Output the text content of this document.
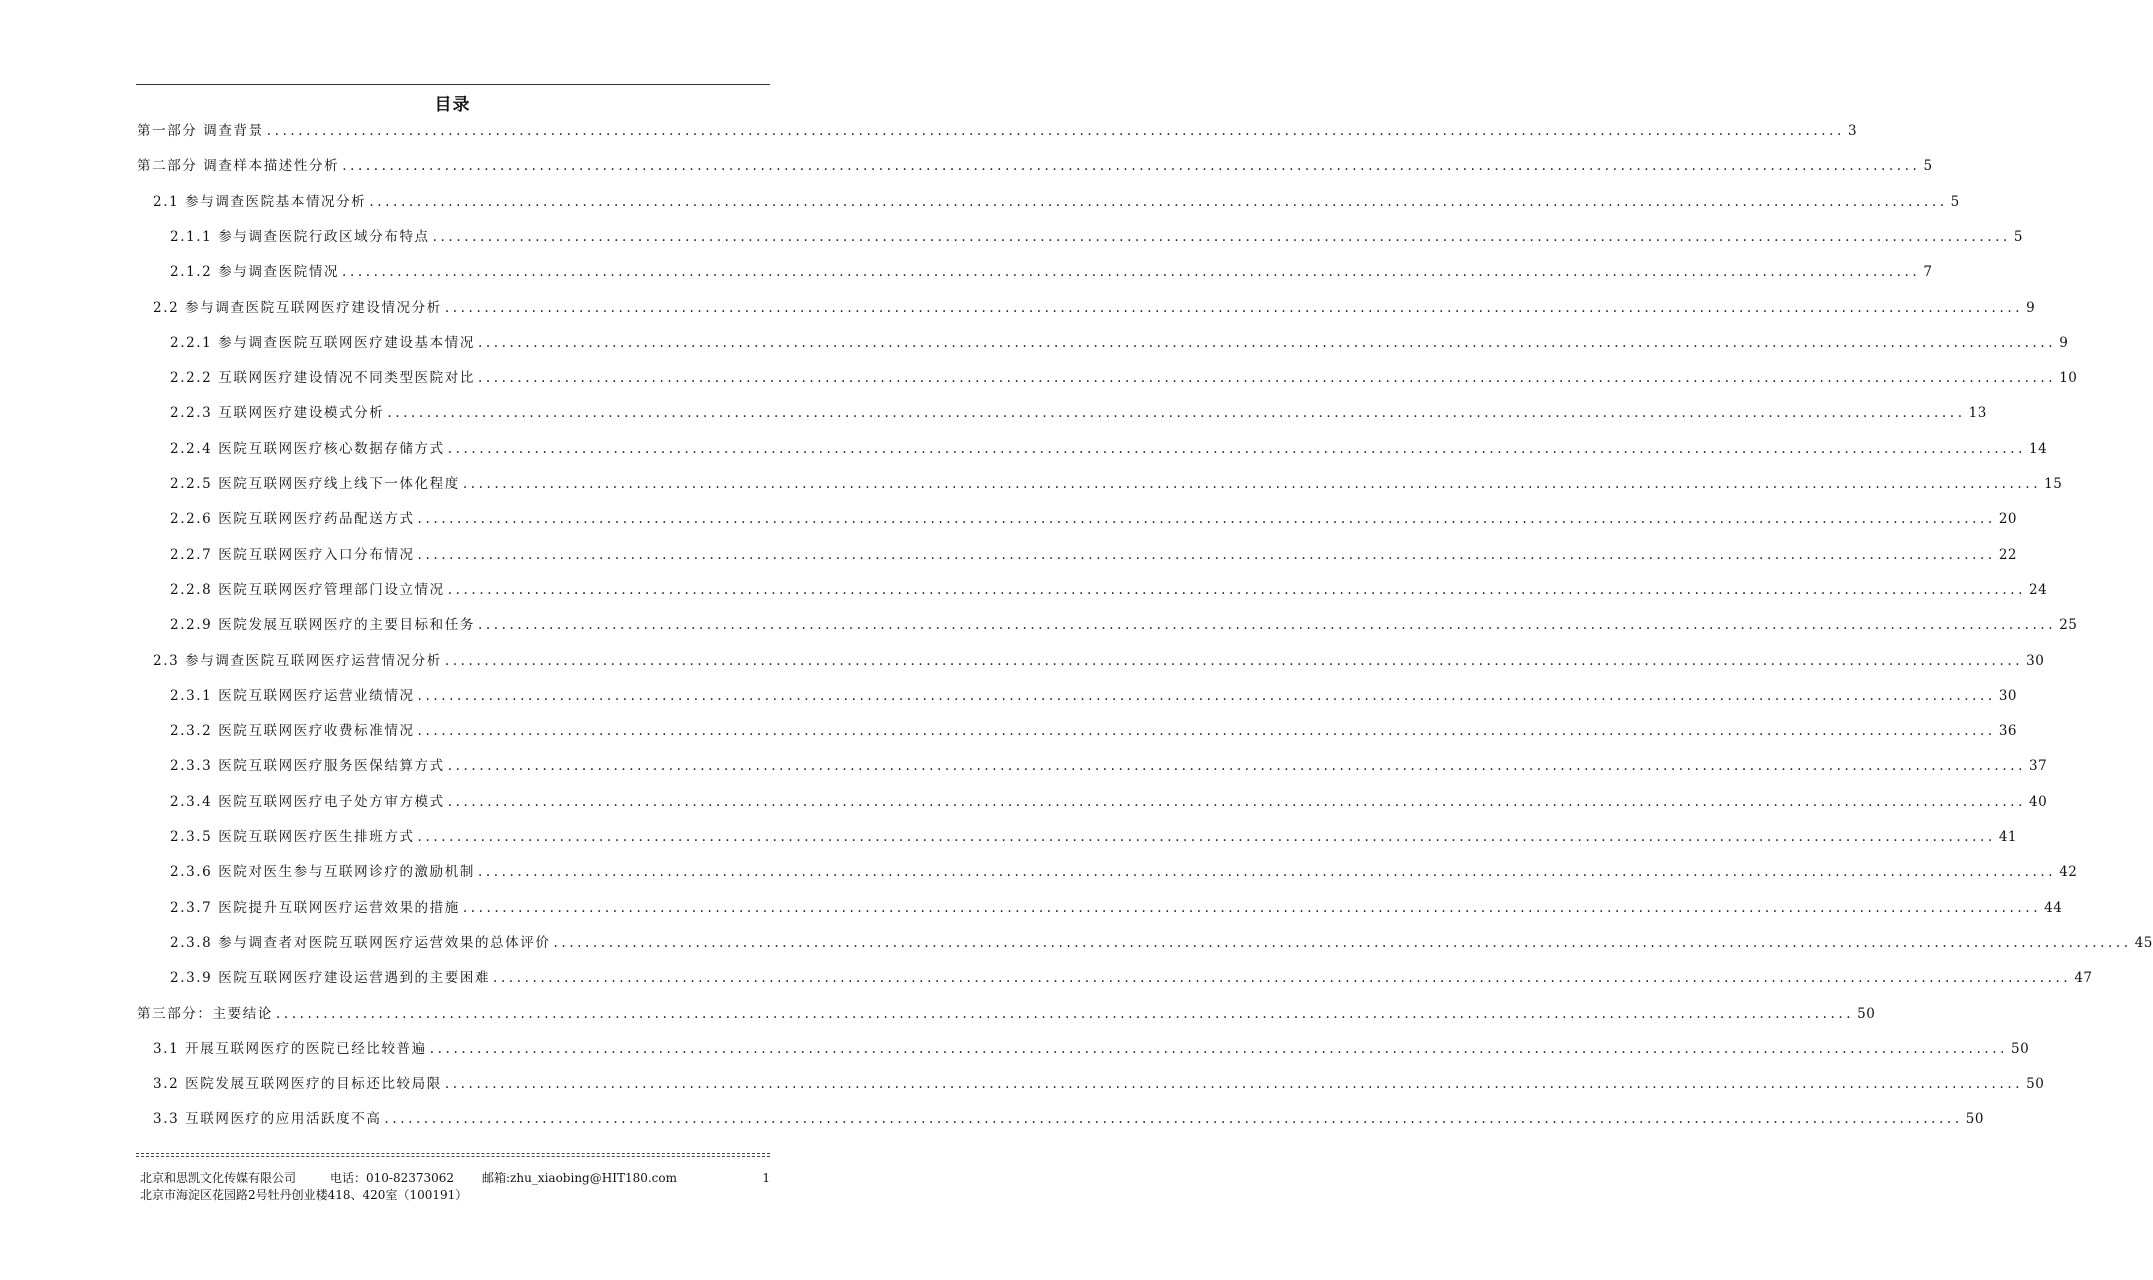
目录
第一部分 调查背景 ........................................................................................................................................................................................................ 3
第二部分 调查样本描述性分析 ........................................................................................................................................................................................................ 5
2.1 参与调查医院基本情况分析 ........................................................................................................................................................................................................ 5
2.1.1 参与调查医院行政区域分布特点 ........................................................................................................................................................................................................ 5
2.1.2 参与调查医院情况 ........................................................................................................................................................................................................ 7
2.2 参与调查医院互联网医疗建设情况分析 ........................................................................................................................................................................................................ 9
2.2.1 参与调查医院互联网医疗建设基本情况 ........................................................................................................................................................................................................ 9
2.2.2 互联网医疗建设情况不同类型医院对比 ........................................................................................................................................................................................................ 10
2.2.3 互联网医疗建设模式分析 ........................................................................................................................................................................................................ 13
2.2.4 医院互联网医疗核心数据存储方式 ........................................................................................................................................................................................................ 14
2.2.5 医院互联网医疗线上线下一体化程度 ........................................................................................................................................................................................................ 15
2.2.6 医院互联网医疗药品配送方式 ........................................................................................................................................................................................................ 20
2.2.7 医院互联网医疗入口分布情况 ........................................................................................................................................................................................................ 22
2.2.8 医院互联网医疗管理部门设立情况 ........................................................................................................................................................................................................ 24
2.2.9 医院发展互联网医疗的主要目标和任务 ........................................................................................................................................................................................................ 25
2.3 参与调查医院互联网医疗运营情况分析 ........................................................................................................................................................................................................ 30
2.3.1 医院互联网医疗运营业绩情况 ........................................................................................................................................................................................................ 30
2.3.2 医院互联网医疗收费标准情况 ........................................................................................................................................................................................................ 36
2.3.3 医院互联网医疗服务医保结算方式 ........................................................................................................................................................................................................ 37
2.3.4 医院互联网医疗电子处方审方模式 ........................................................................................................................................................................................................ 40
2.3.5 医院互联网医疗医生排班方式 ........................................................................................................................................................................................................ 41
2.3.6 医院对医生参与互联网诊疗的激励机制 ........................................................................................................................................................................................................ 42
2.3.7 医院提升互联网医疗运营效果的措施 ........................................................................................................................................................................................................ 44
2.3.8 参与调查者对医院互联网医疗运营效果的总体评价 ........................................................................................................................................................................................................ 45
2.3.9 医院互联网医疗建设运营遇到的主要困难 ........................................................................................................................................................................................................ 47
第三部分：主要结论 ........................................................................................................................................................................................................ 50
3.1 开展互联网医疗的医院已经比较普遍 ........................................................................................................................................................................................................ 50
3.2 医院发展互联网医疗的目标还比较局限 ........................................................................................................................................................................................................ 50
3.3 互联网医疗的应用活跃度不高 ........................................................................................................................................................................................................ 50
北京和思凯文化传媒有限公司	电话：010-82373062	邮箱:zhu_xiaobing@HIT180.com	1
北京市海淀区花园路2号牡丹创业楼418、420室（100191）
